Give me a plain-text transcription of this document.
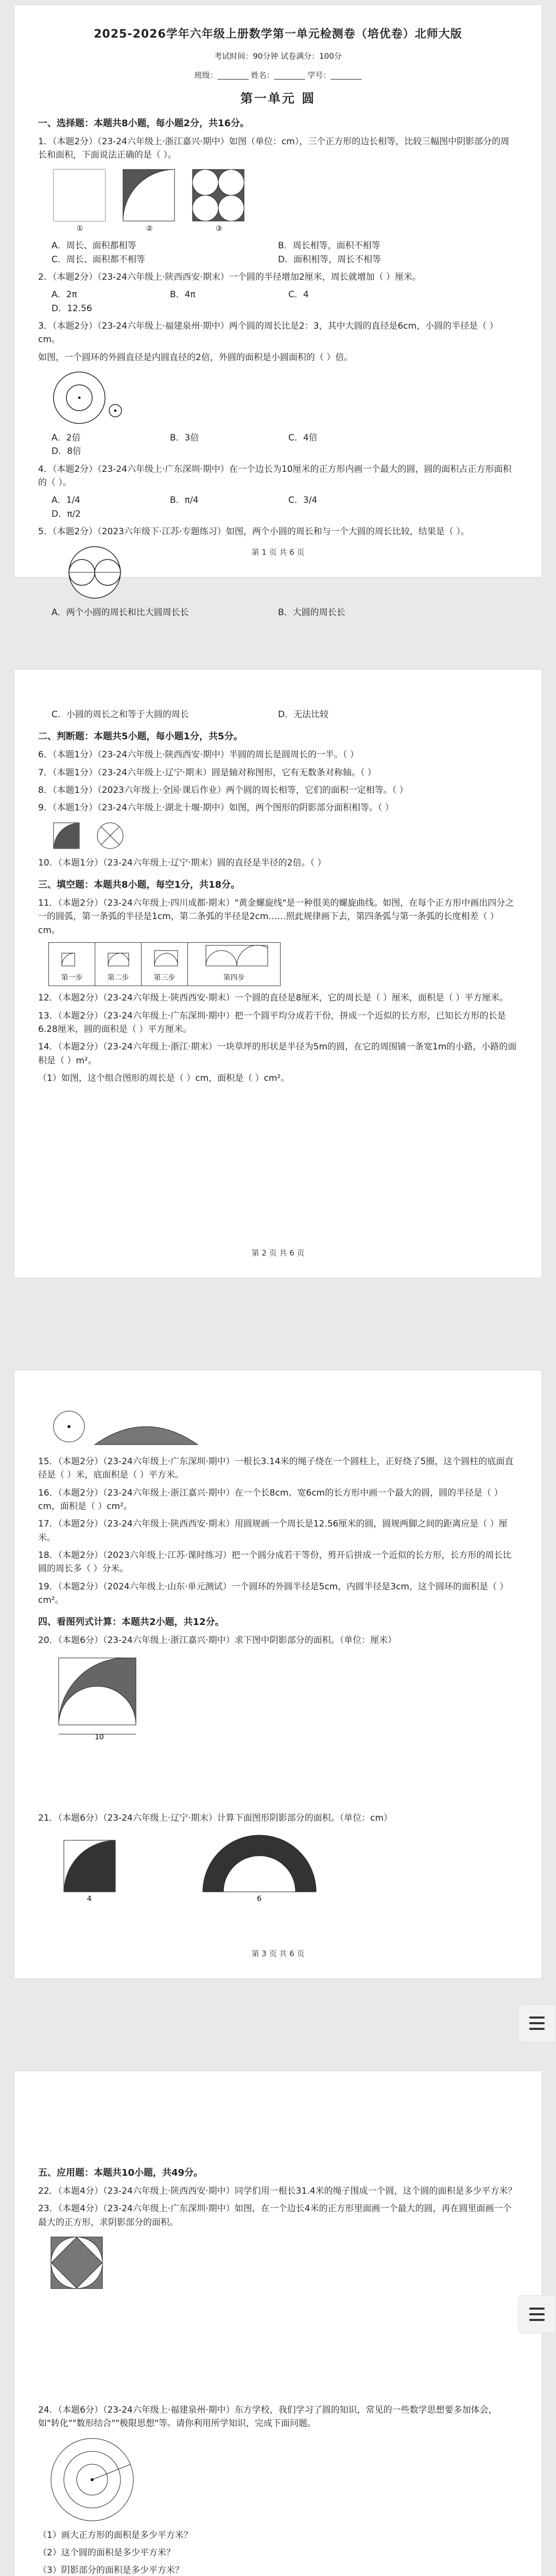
2025-2026学年六年级上册数学第一单元检测卷（培优卷）北师大版
考试时间：90分钟 试卷满分：100分
班级：________ 姓名：________ 学号：________
第一单元 圆
一、选择题：本题共8小题，每小题2分，共16分。
1．（本题2分）（23-24六年级上·浙江嘉兴·期中）如图（单位：cm），三个正方形的边长相等，比较三幅图中阴影部分的周长和面积，下面说法正确的是（ ）。
①	②	③
A．周长、面积都相等	B．周长相等，面积不相等
C．周长、面积都不相等	D．面积相等，周长不相等
2．（本题2分）（23-24六年级上·陕西西安·期末）一个圆的半径增加2厘米，周长就增加（ ）厘米。
A．2π	B．4π	C．4
D．12.56
3．（本题2分）（23-24六年级上·福建泉州·期中）两个圆的周长比是2：3，其中大圆的直径是6cm，小圆的半径是（ ）cm。
如图，一个圆环的外圆直径是内圆直径的2倍，外圆的面积是小圆面积的（ ）倍。
A．2倍	B．3倍	C．4倍
D．8倍
4．（本题2分）（23-24六年级上·广东深圳·期中）在一个边长为10厘米的正方形内画一个最大的圆，圆的面积占正方形面积的（ ）。
A．1/4	B．π/4	C．3/4
D．π/2
5．（本题2分）（2023六年级下·江苏·专题练习）如图，两个小圆的周长和与一个大圆的周长比较，结果是（ ）。
A．两个小圆的周长和比大圆周长长	B．大圆的周长长
第 1 页 共 6 页
C．小圆的周长之和等于大圆的周长	D．无法比较
二、判断题：本题共5小题，每小题1分，共5分。
6．（本题1分）（23-24六年级上·陕西西安·期中）半圆的周长是圆周长的一半。（ ）
7．（本题1分）（23-24六年级上·辽宁·期末）圆是轴对称图形，它有无数条对称轴。（ ）
8．（本题1分）（2023六年级上·全国·课后作业）两个圆的周长相等，它们的面积一定相等。（ ）
9．（本题1分）（23-24六年级上·湖北十堰·期中）如图，两个图形的阴影部分面积相等。（ ）
10．（本题1分）（23-24六年级上·辽宁·期末）圆的直径是半径的2倍。（ ）
三、填空题：本题共8小题，每空1分，共18分。
11．（本题2分）（23-24六年级上·四川成都·期末）"黄金螺旋线"是一种很美的螺旋曲线。如图，在每个正方形中画出四分之一的圆弧，第一条弧的半径是1cm，第二条弧的半径是2cm……照此规律画下去，第四条弧与第一条弧的长度相差（ ）cm。
第一步	第二步	第三步	第四步
12．（本题2分）（23-24六年级上·陕西西安·期末）一个圆的直径是8厘米，它的周长是（ ）厘米，面积是（ ）平方厘米。
13．（本题2分）（23-24六年级上·广东深圳·期中）把一个圆平均分成若干份，拼成一个近似的长方形，已知长方形的长是6.28厘米，圆的面积是（ ）平方厘米。
14．（本题2分）（23-24六年级上·浙江·期末）一块草坪的形状是半径为5m的圆，在它的周围铺一条宽1m的小路，小路的面积是（ ）m²。
（1）如图，这个组合图形的周长是（ ）cm，面积是（ ）cm²。
第 2 页 共 6 页
15．（本题2分）（23-24六年级上·广东深圳·期中）一根长3.14米的绳子绕在一个圆柱上，正好绕了5圈，这个圆柱的底面直径是（ ）米，底面积是（ ）平方米。
16．（本题2分）（23-24六年级上·浙江嘉兴·期中）在一个长8cm、宽6cm的长方形中画一个最大的圆，圆的半径是（ ）cm，面积是（ ）cm²。
17．（本题2分）（23-24六年级上·陕西西安·期末）用圆规画一个周长是12.56厘米的圆，圆规两脚之间的距离应是（ ）厘米。
18．（本题2分）（2023六年级上·江苏·课时练习）把一个圆分成若干等份，剪开后拼成一个近似的长方形，长方形的周长比圆的周长多（ ）分米。
19．（本题2分）（2024六年级上·山东·单元测试）一个圆环的外圆半径是5cm，内圆半径是3cm，这个圆环的面积是（ ）cm²。
四、看图列式计算：本题共2小题，共12分。
20．（本题6分）（23-24六年级上·浙江嘉兴·期中）求下图中阴影部分的面积。（单位：厘米）
10
21．（本题6分）（23-24六年级上·辽宁·期末）计算下面图形阴影部分的面积。（单位：cm）
4	6
第 3 页 共 6 页
五、应用题：本题共10小题，共49分。
22．（本题4分）（23-24六年级上·陕西西安·期中）同学们用一根长31.4米的绳子围成一个圆，这个圆的面积是多少平方米？
23．（本题4分）（23-24六年级上·广东深圳·期中）如图，在一个边长4米的正方形里面画一个最大的圆，再在圆里面画一个最大的正方形，求阴影部分的面积。
24．（本题6分）（23-24六年级上·福建泉州·期中）东方学校，我们学习了圆的知识，常见的一些数学思想要多加体会，如"转化""数形结合""极限思想"等。请你利用所学知识，完成下面问题。
（1）画大正方形的面积是多少平方米？
（2）这个圆的面积是多少平方米？
（3）阴影部分的面积是多少平方米？
